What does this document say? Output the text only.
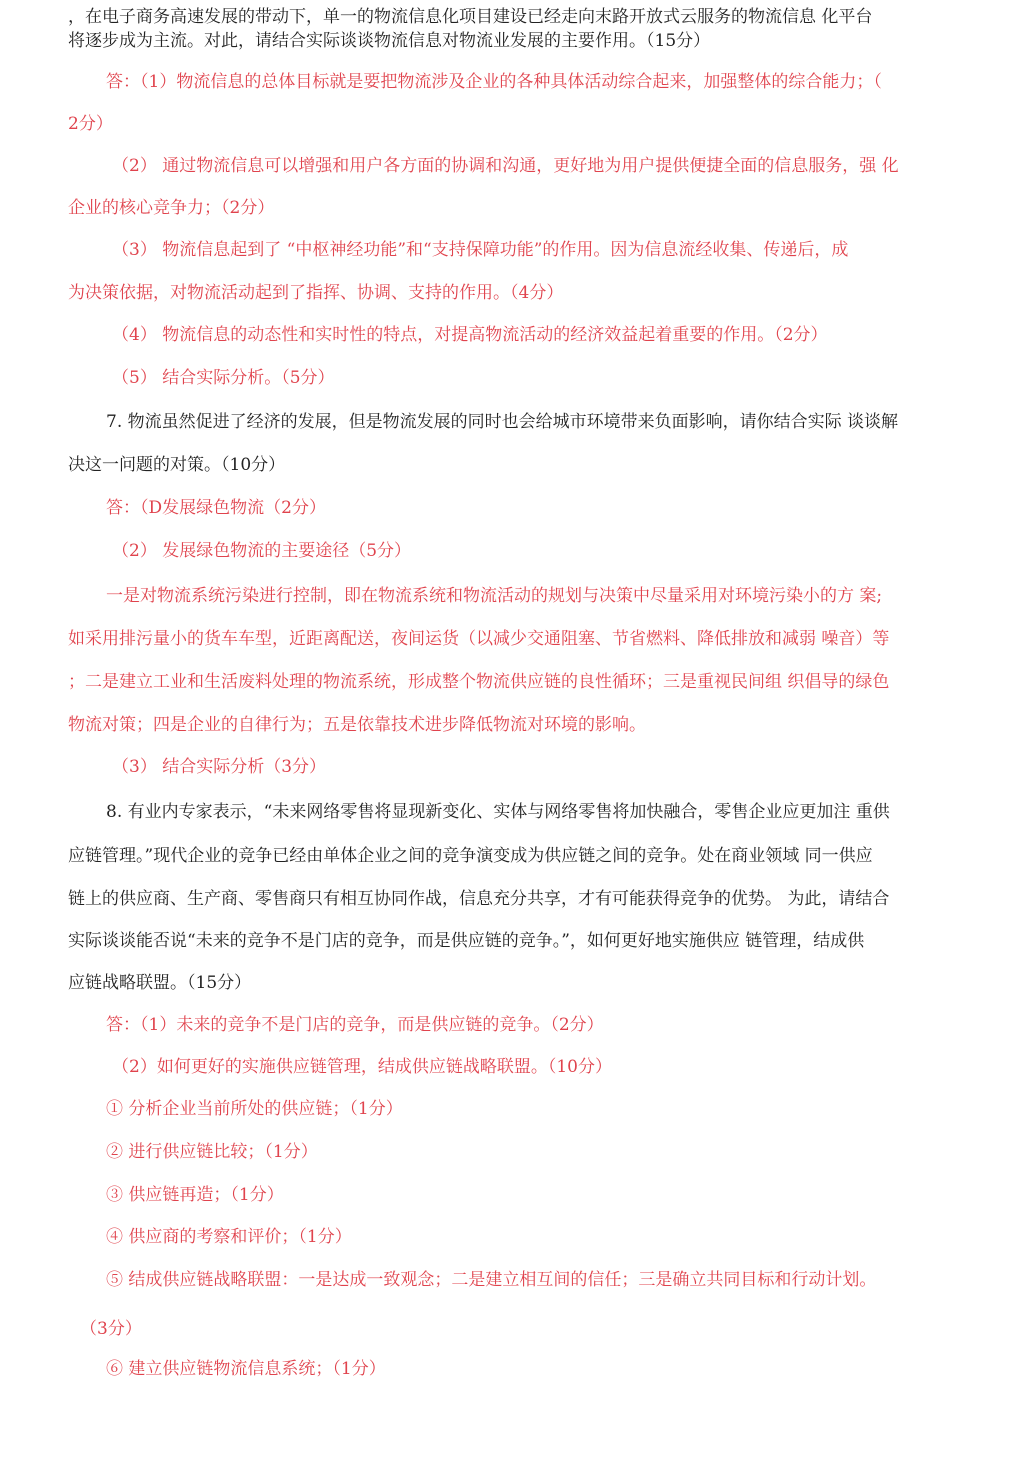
，在电子商务高速发展的带动下，单一的物流信息化项目建设已经走向末路开放式云服务的物流信息 化平台
将逐步成为主流。对此，请结合实际谈谈物流信息对物流业发展的主要作用。（15分）
答：（1）物流信息的总体目标就是要把物流涉及企业的各种具体活动综合起来，加强整体的综合能力；（
2分）
（2） 通过物流信息可以增强和用户各方面的协调和沟通，更好地为用户提供便捷全面的信息服务，强 化
企业的核心竞争力；（2分）
（3） 物流信息起到了 “中枢神经功能”和“支持保障功能”的作用。因为信息流经收集、传递后，成
为决策依据，对物流活动起到了指挥、协调、支持的作用。（4分）
（4） 物流信息的动态性和实时性的特点，对提高物流活动的经济效益起着重要的作用。（2分）
（5） 结合实际分析。（5分）
7. 物流虽然促进了经济的发展，但是物流发展的同时也会给城市环境带来负面影响，请你结合实际 谈谈解
决这一问题的对策。（10分）
答：（D发展绿色物流（2分）
（2） 发展绿色物流的主要途径（5分）
一是对物流系统污染进行控制，即在物流系统和物流活动的规划与决策中尽量采用对环境污染小的方 案;
如采用排污量小的货车车型，近距离配送，夜间运货（以减少交通阻塞、节省燃料、降低排放和减弱 噪音）等
；二是建立工业和生活废料处理的物流系统，形成整个物流供应链的良性循环；三是重视民间组 织倡导的绿色
物流对策；四是企业的自律行为；五是依靠技术进步降低物流对环境的影响。
（3） 结合实际分析（3分）
8. 有业内专家表示，“未来网络零售将显现新变化、实体与网络零售将加快融合，零售企业应更加注 重供
应链管理。”现代企业的竞争已经由单体企业之间的竞争演变成为供应链之间的竞争。处在商业领域 同一供应
链上的供应商、生产商、零售商只有相互协同作战，信息充分共享，才有可能获得竞争的优势。 为此，请结合
实际谈谈能否说“未来的竞争不是门店的竞争，而是供应链的竞争。”，如何更好地实施供应 链管理，结成供
应链战略联盟。（15分）
答：（1）未来的竞争不是门店的竞争，而是供应链的竞争。（2分）
（2）如何更好的实施供应链管理，结成供应链战略联盟。（10分）
① 分析企业当前所处的供应链；（1分）
② 进行供应链比较；（1分）
③ 供应链再造；（1分）
④ 供应商的考察和评价；（1分）
⑤ 结成供应链战略联盟：一是达成一致观念；二是建立相互间的信任；三是确立共同目标和行动计划。
（3分）
⑥ 建立供应链物流信息系统；（1分）
